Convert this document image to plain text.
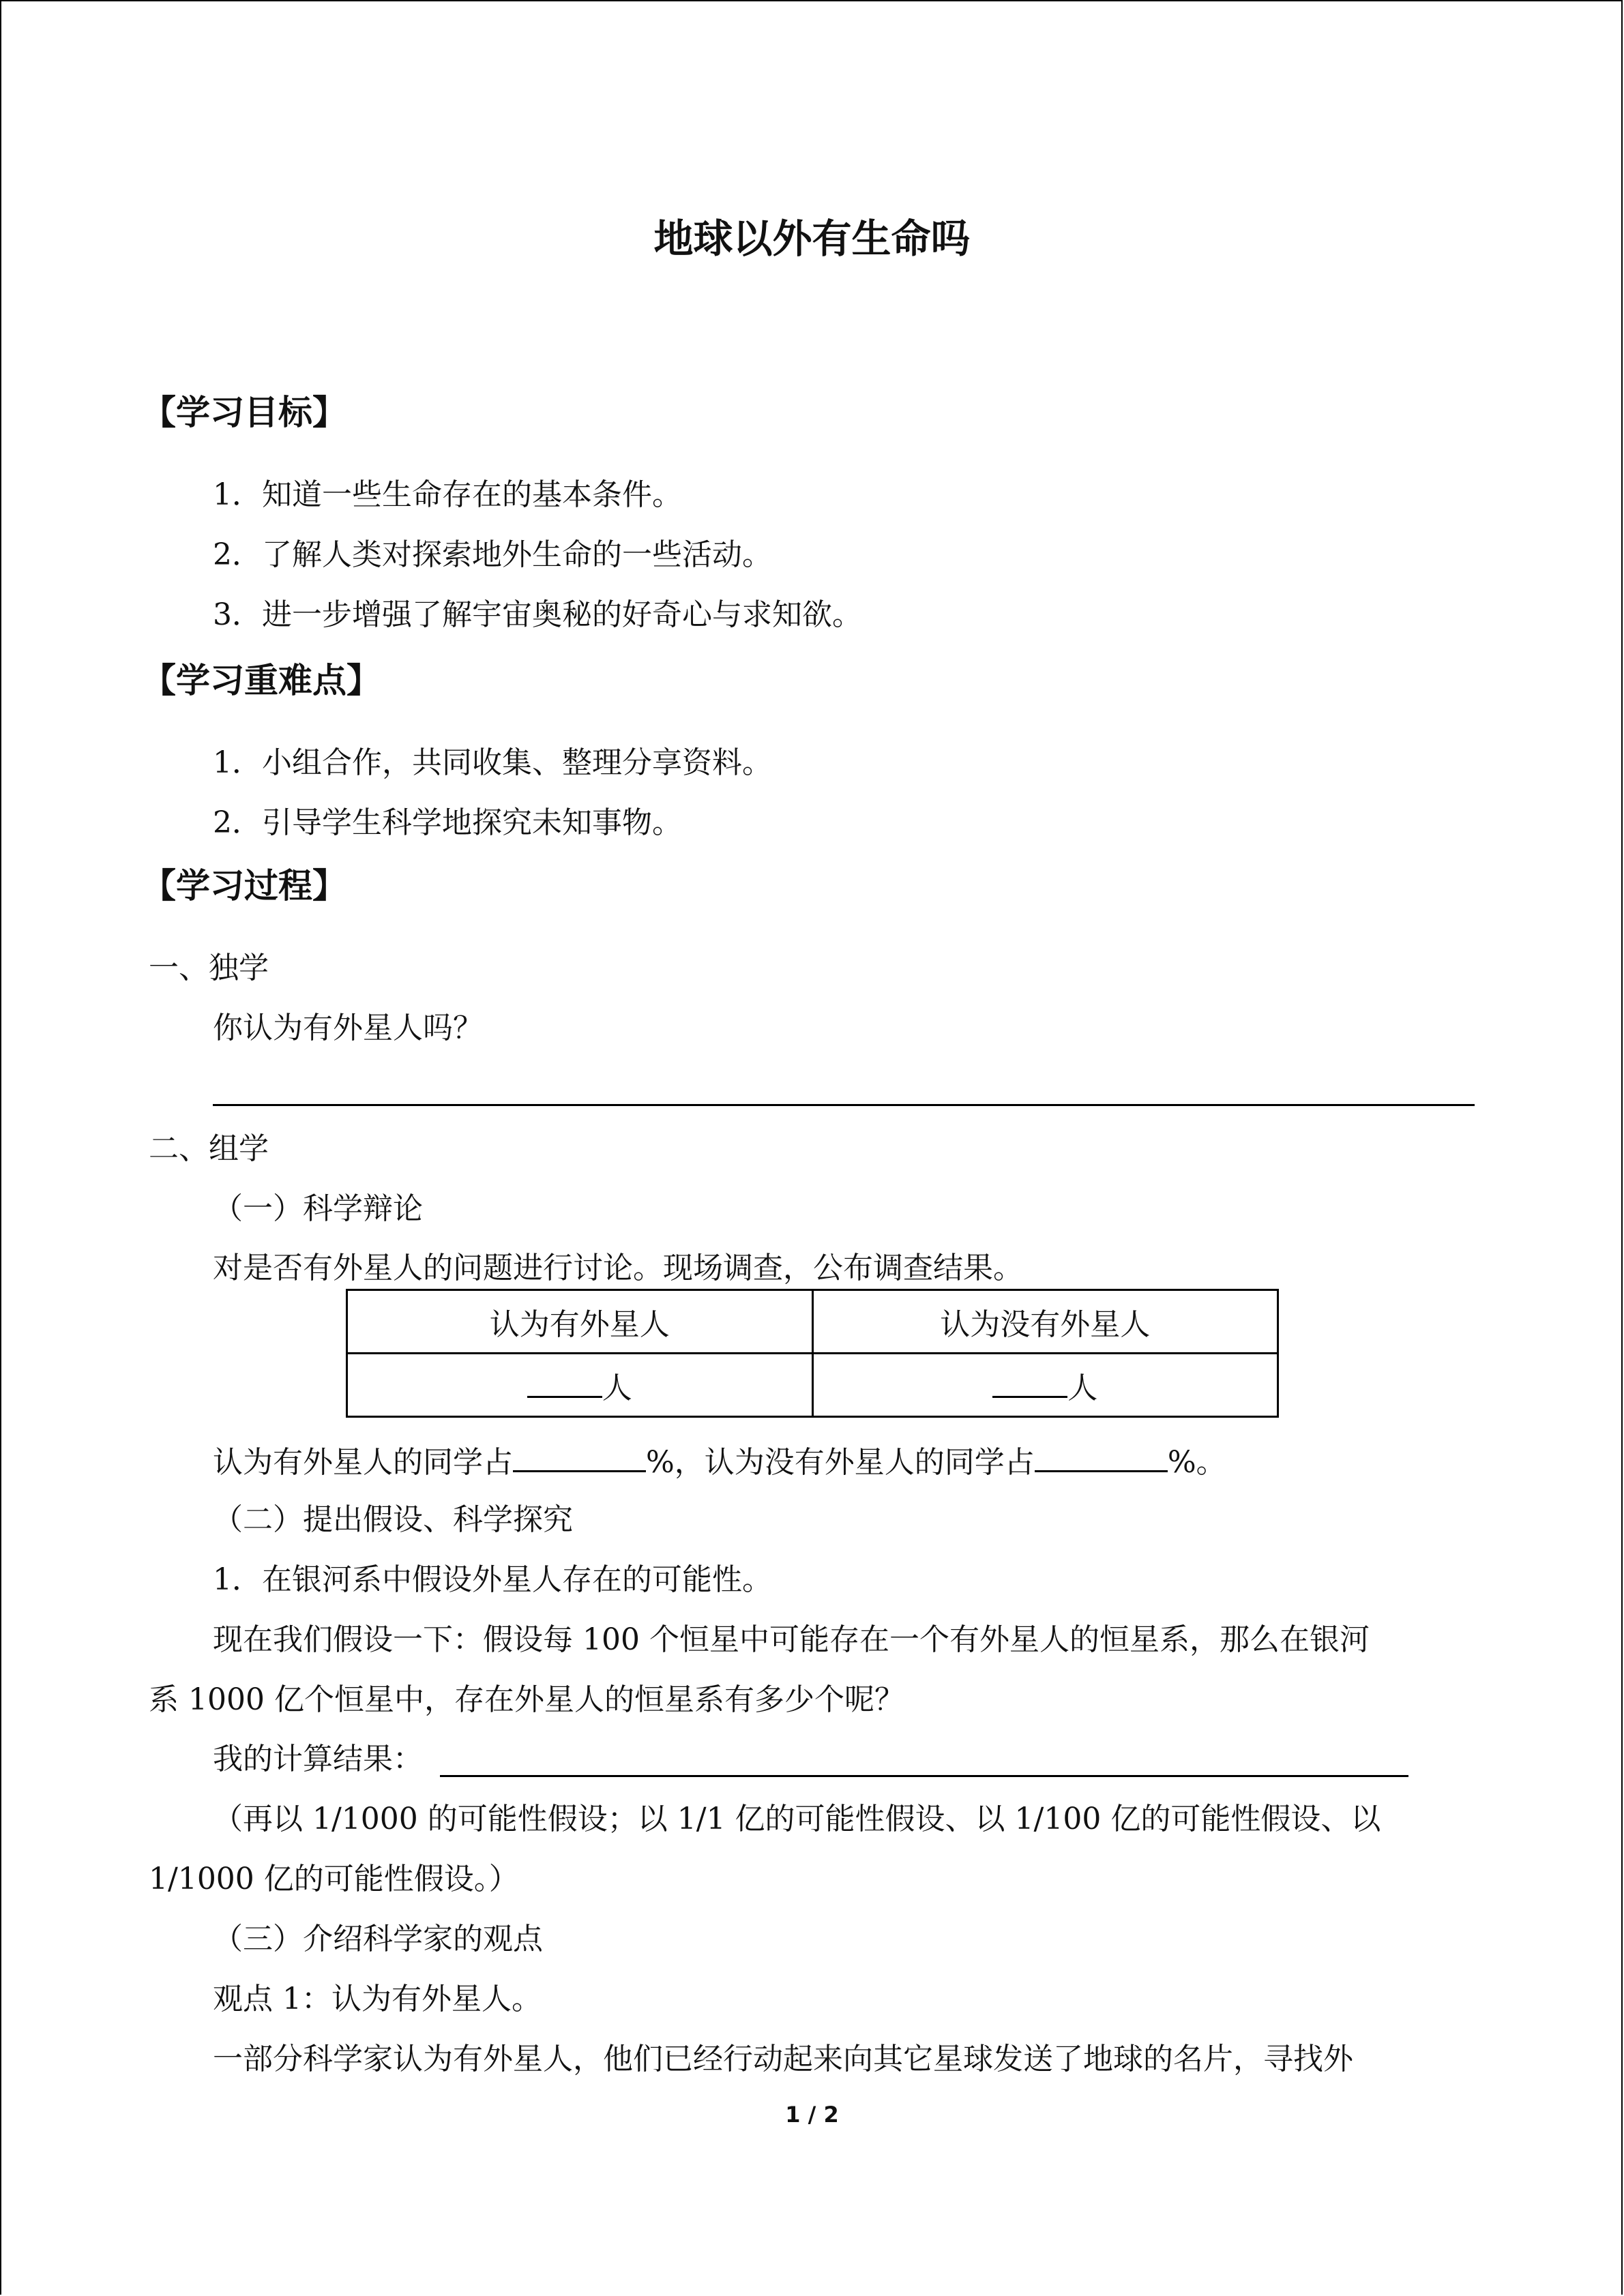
地球以外有生命吗
【学习目标】
1．知道一些生命存在的基本条件。
2．了解人类对探索地外生命的一些活动。
3．进一步增强了解宇宙奥秘的好奇心与求知欲。
【学习重难点】
1．小组合作，共同收集、整理分享资料。
2．引导学生科学地探究未知事物。
【学习过程】
一、独学
你认为有外星人吗？
二、组学
（一）科学辩论
对是否有外星人的问题进行讨论。现场调查，公布调查结果。
认为有外星人	认为没有外星人
人	人
认为有外星人的同学占	%，认为没有外星人的同学占	%。
（二）提出假设、科学探究
1．在银河系中假设外星人存在的可能性。
现在我们假设一下：假设每 100 个恒星中可能存在一个有外星人的恒星系，那么在银河
系 1000 亿个恒星中，存在外星人的恒星系有多少个呢？
我的计算结果：
（再以 1/1000 的可能性假设；以 1/1 亿的可能性假设、以 1/100 亿的可能性假设、以
1/1000 亿的可能性假设。）
（三）介绍科学家的观点
观点 1：认为有外星人。
一部分科学家认为有外星人，他们已经行动起来向其它星球发送了地球的名片，寻找外
1 / 2
